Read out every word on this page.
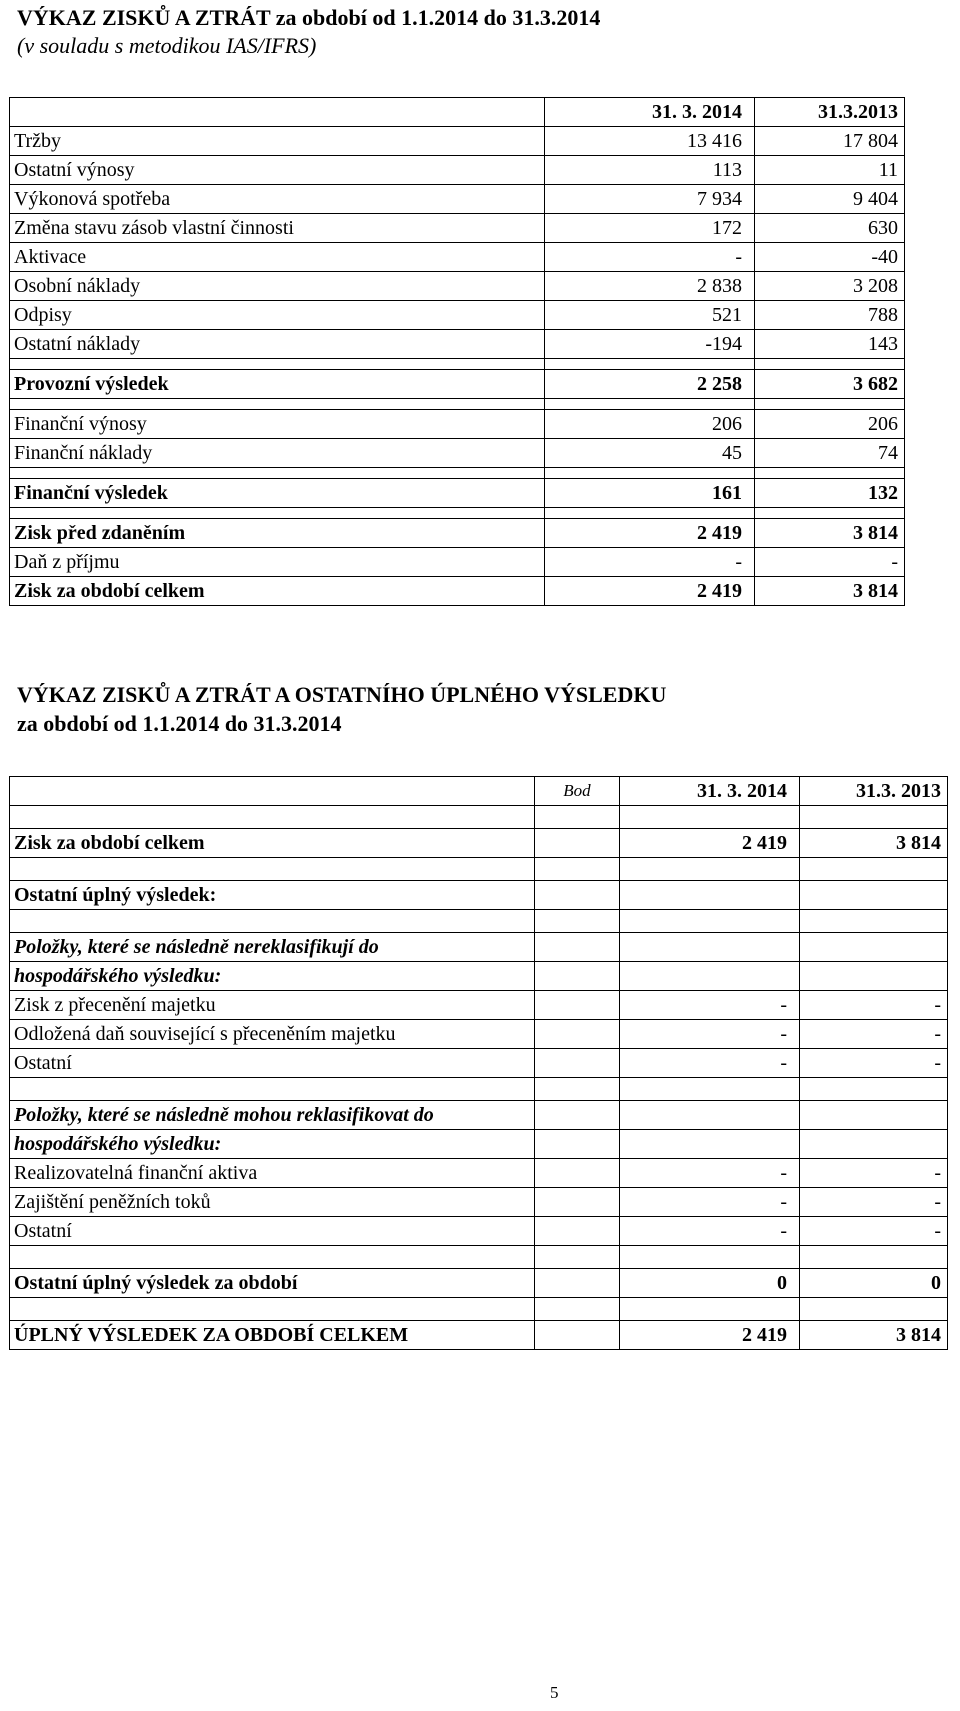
VÝKAZ ZISKŮ A ZTRÁT za období od 1.1.2014 do 31.3.2014
(v souladu s metodikou IAS/IFRS)
	31. 3. 2014	31.3.2013
Tržby	13 416	17 804
Ostatní výnosy	113	11
Výkonová spotřeba	7 934	9 404
Změna stavu zásob vlastní činnosti	172	630
Aktivace	-	-40
Osobní náklady	2 838	3 208
Odpisy	521	788
Ostatní náklady	-194	143

Provozní výsledek	2 258	3 682

Finanční výnosy	206	206
Finanční náklady	45	74

Finanční výsledek	161	132

Zisk před zdaněním	2 419	3 814
Daň z příjmu	-	-
Zisk za období celkem	2 419	3 814
VÝKAZ ZISKŮ A ZTRÁT A OSTATNÍHO ÚPLNÉHO VÝSLEDKU
za období od 1.1.2014 do 31.3.2014
	Bod	31. 3. 2014	31.3. 2013

Zisk za období celkem		2 419	3 814

Ostatní úplný výsledek:			

Položky, které se následně nereklasifikují do			
hospodářského výsledku:			
Zisk z přecenění majetku		-	-
Odložená daň související s přeceněním majetku		-	-
Ostatní		-	-

Položky, které se následně mohou reklasifikovat do			
hospodářského výsledku:			
Realizovatelná finanční aktiva		-	-
Zajištění peněžních toků		-	-
Ostatní		-	-

Ostatní úplný výsledek za období		0	0

ÚPLNÝ VÝSLEDEK ZA OBDOBÍ CELKEM		2 419	3 814
5
